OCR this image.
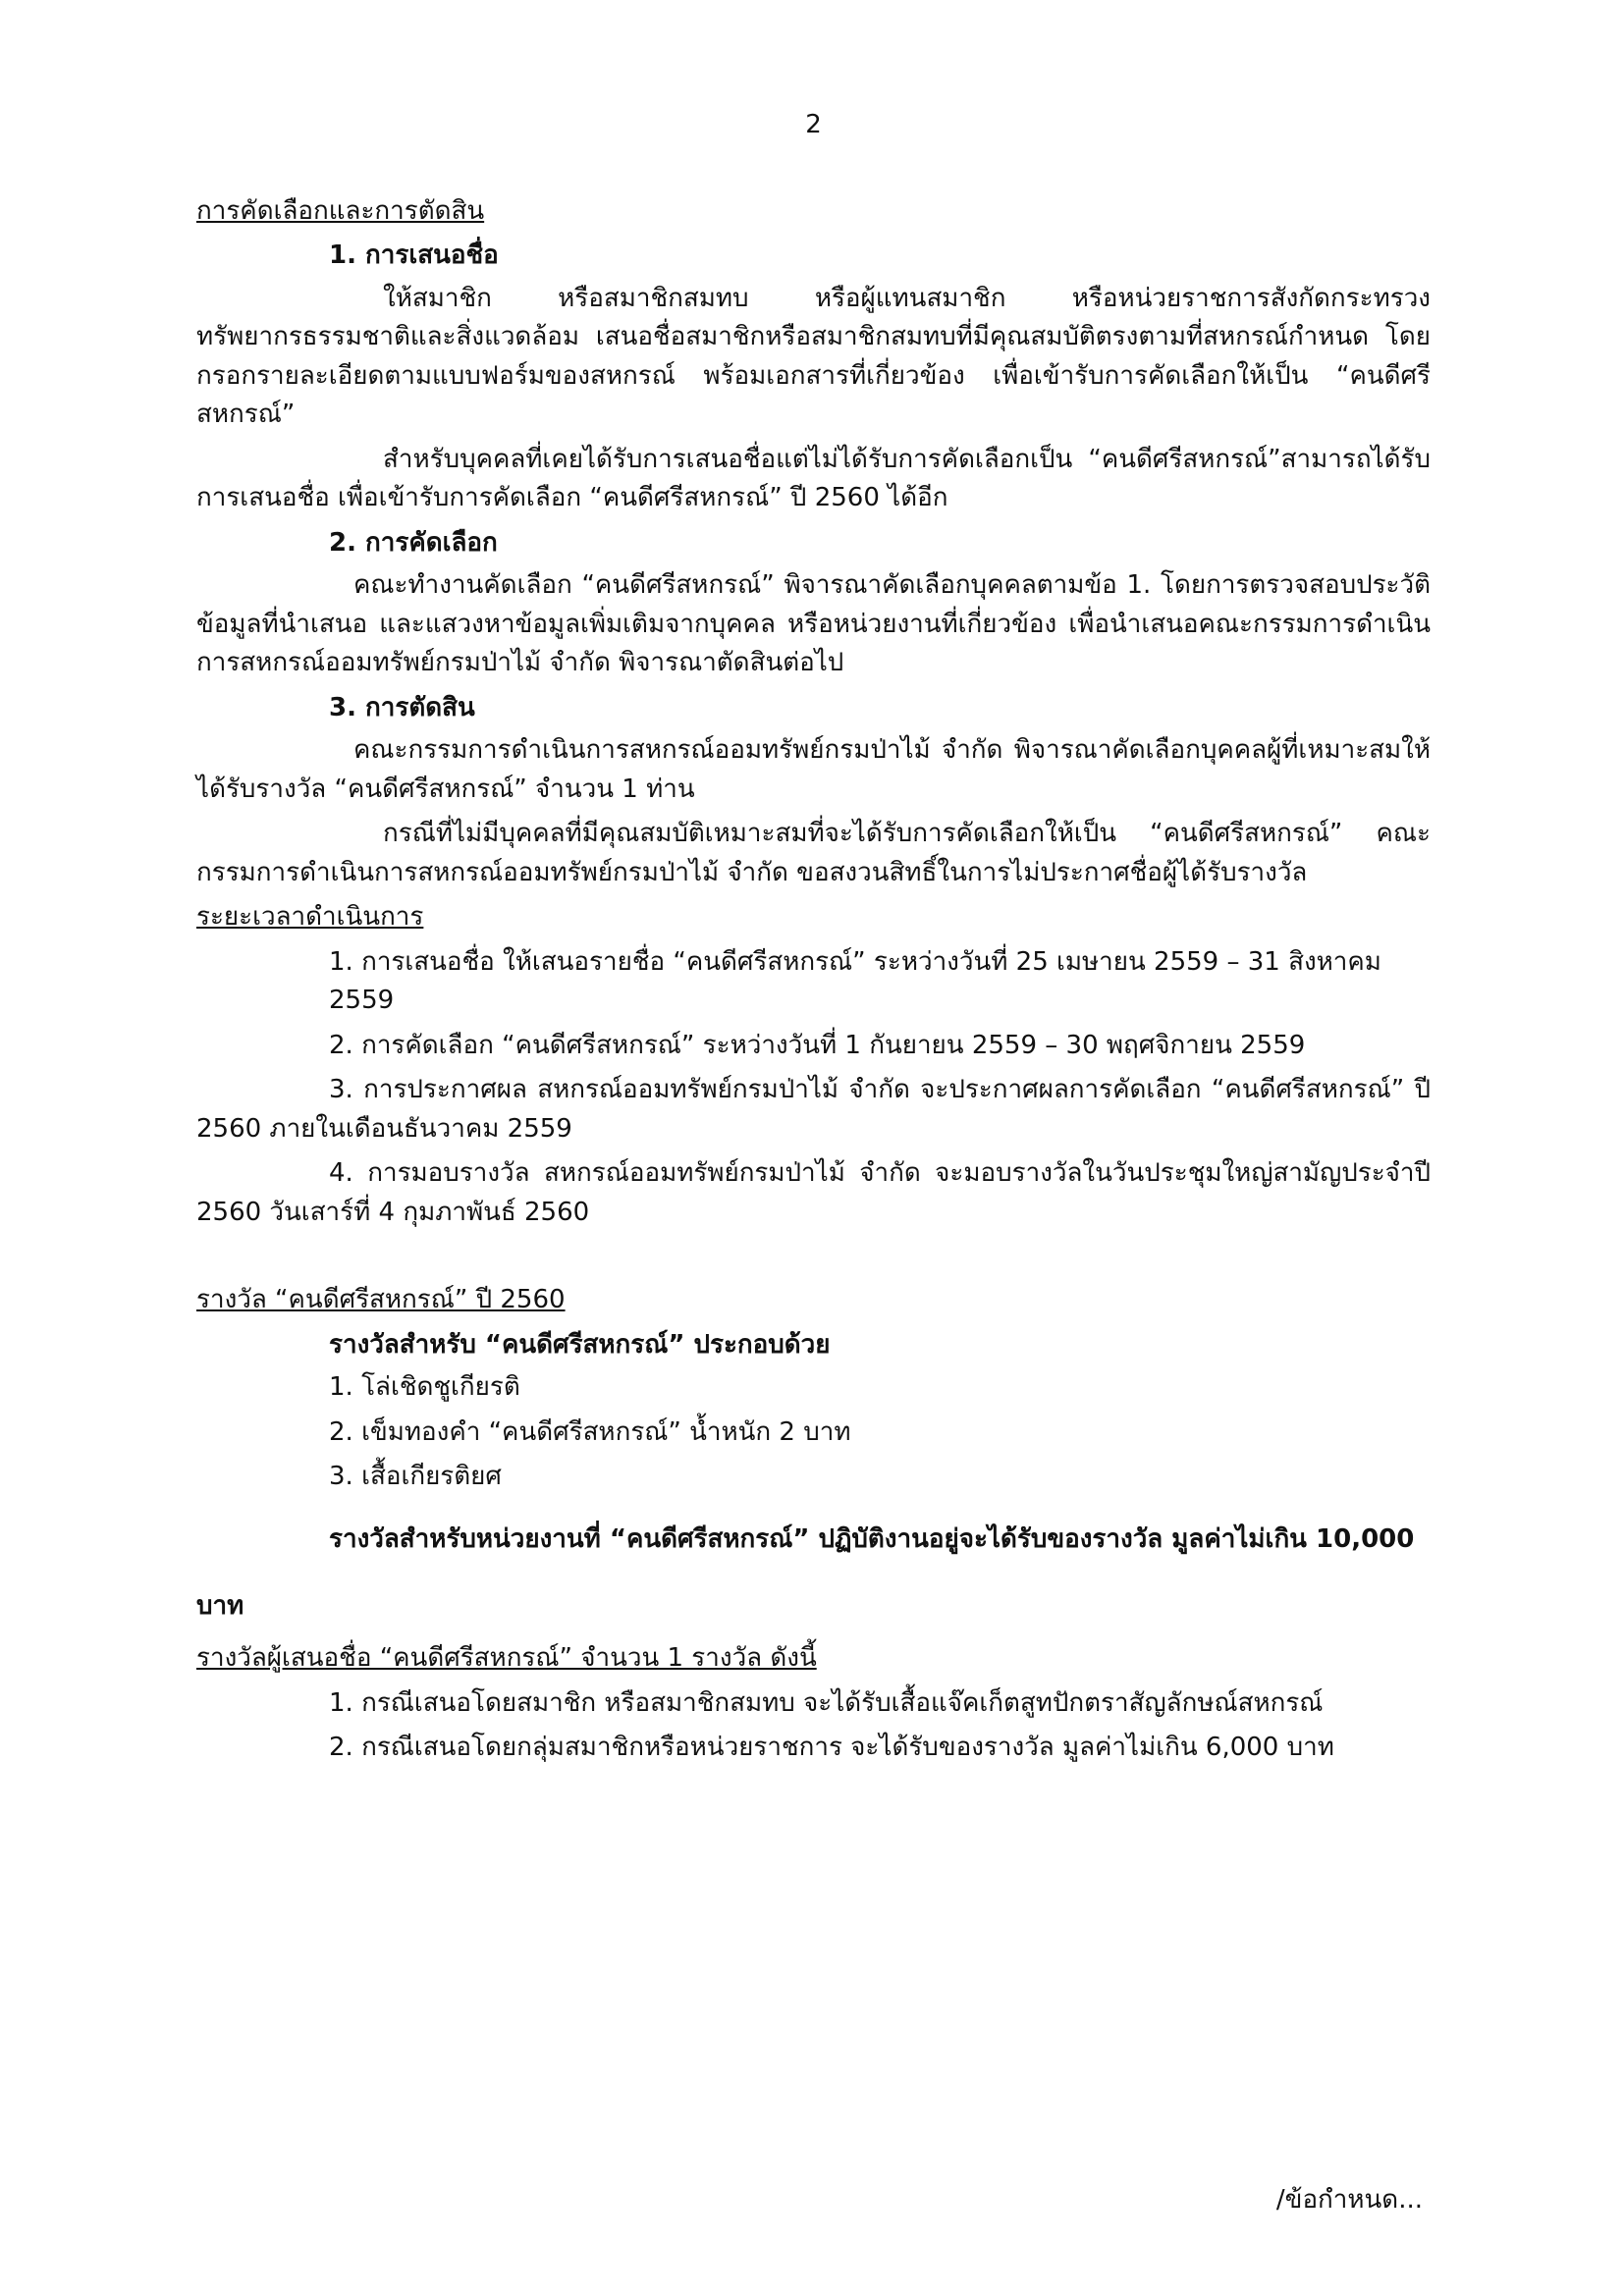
2

การคัดเลือกและการตัดสิน

1. การเสนอชื่อ

ให้สมาชิก หรือสมาชิกสมทบ หรือผู้แทนสมาชิก หรือหน่วยราชการสังกัดกระทรวงทรัพยากรธรรมชาติและสิ่งแวดล้อม เสนอชื่อสมาชิกหรือสมาชิกสมทบที่มีคุณสมบัติตรงตามที่สหกรณ์กำหนด โดยกรอกรายละเอียดตามแบบฟอร์มของสหกรณ์ พร้อมเอกสารที่เกี่ยวข้อง เพื่อเข้ารับการคัดเลือกให้เป็น “คนดีศรีสหกรณ์”

สำหรับบุคคลที่เคยได้รับการเสนอชื่อแต่ไม่ได้รับการคัดเลือกเป็น “คนดีศรีสหกรณ์”สามารถได้รับการเสนอชื่อ เพื่อเข้ารับการคัดเลือก “คนดีศรีสหกรณ์” ปี 2560 ได้อีก

2. การคัดเลือก

คณะทำงานคัดเลือก “คนดีศรีสหกรณ์” พิจารณาคัดเลือกบุคคลตามข้อ 1. โดยการตรวจสอบประวัติ ข้อมูลที่นำเสนอ และแสวงหาข้อมูลเพิ่มเติมจากบุคคล หรือหน่วยงานที่เกี่ยวข้อง เพื่อนำเสนอคณะกรรมการดำเนินการสหกรณ์ออมทรัพย์กรมป่าไม้ จำกัด พิจารณาตัดสินต่อไป

3. การตัดสิน

คณะกรรมการดำเนินการสหกรณ์ออมทรัพย์กรมป่าไม้ จำกัด พิจารณาคัดเลือกบุคคลผู้ที่เหมาะสมให้ได้รับรางวัล “คนดีศรีสหกรณ์” จำนวน 1 ท่าน

กรณีที่ไม่มีบุคคลที่มีคุณสมบัติเหมาะสมที่จะได้รับการคัดเลือกให้เป็น “คนดีศรีสหกรณ์” คณะกรรมการดำเนินการสหกรณ์ออมทรัพย์กรมป่าไม้ จำกัด ขอสงวนสิทธิ์ในการไม่ประกาศชื่อผู้ได้รับรางวัล

ระยะเวลาดำเนินการ

1. การเสนอชื่อ ให้เสนอรายชื่อ “คนดีศรีสหกรณ์” ระหว่างวันที่ 25 เมษายน 2559 – 31 สิงหาคม 2559

2. การคัดเลือก “คนดีศรีสหกรณ์” ระหว่างวันที่ 1 กันยายน 2559 – 30 พฤศจิกายน 2559

3. การประกาศผล สหกรณ์ออมทรัพย์กรมป่าไม้ จำกัด จะประกาศผลการคัดเลือก “คนดีศรีสหกรณ์” ปี 2560 ภายในเดือนธันวาคม 2559

4. การมอบรางวัล สหกรณ์ออมทรัพย์กรมป่าไม้ จำกัด จะมอบรางวัลในวันประชุมใหญ่สามัญประจำปี 2560 วันเสาร์ที่ 4 กุมภาพันธ์ 2560

รางวัล “คนดีศรีสหกรณ์” ปี 2560

รางวัลสำหรับ “คนดีศรีสหกรณ์” ประกอบด้วย

1. โล่เชิดชูเกียรติ

2. เข็มทองคำ “คนดีศรีสหกรณ์” น้ำหนัก 2 บาท

3. เสื้อเกียรติยศ

รางวัลสำหรับหน่วยงานที่ “คนดีศรีสหกรณ์” ปฏิบัติงานอยู่จะได้รับของรางวัล มูลค่าไม่เกิน 10,000 บาท

รางวัลผู้เสนอชื่อ “คนดีศรีสหกรณ์” จำนวน 1 รางวัล ดังนี้

1. กรณีเสนอโดยสมาชิก หรือสมาชิกสมทบ จะได้รับเสื้อแจ๊คเก็ตสูทปักตราสัญลักษณ์สหกรณ์

2. กรณีเสนอโดยกลุ่มสมาชิกหรือหน่วยราชการ จะได้รับของรางวัล มูลค่าไม่เกิน 6,000 บาท

/ข้อกำหนด...
